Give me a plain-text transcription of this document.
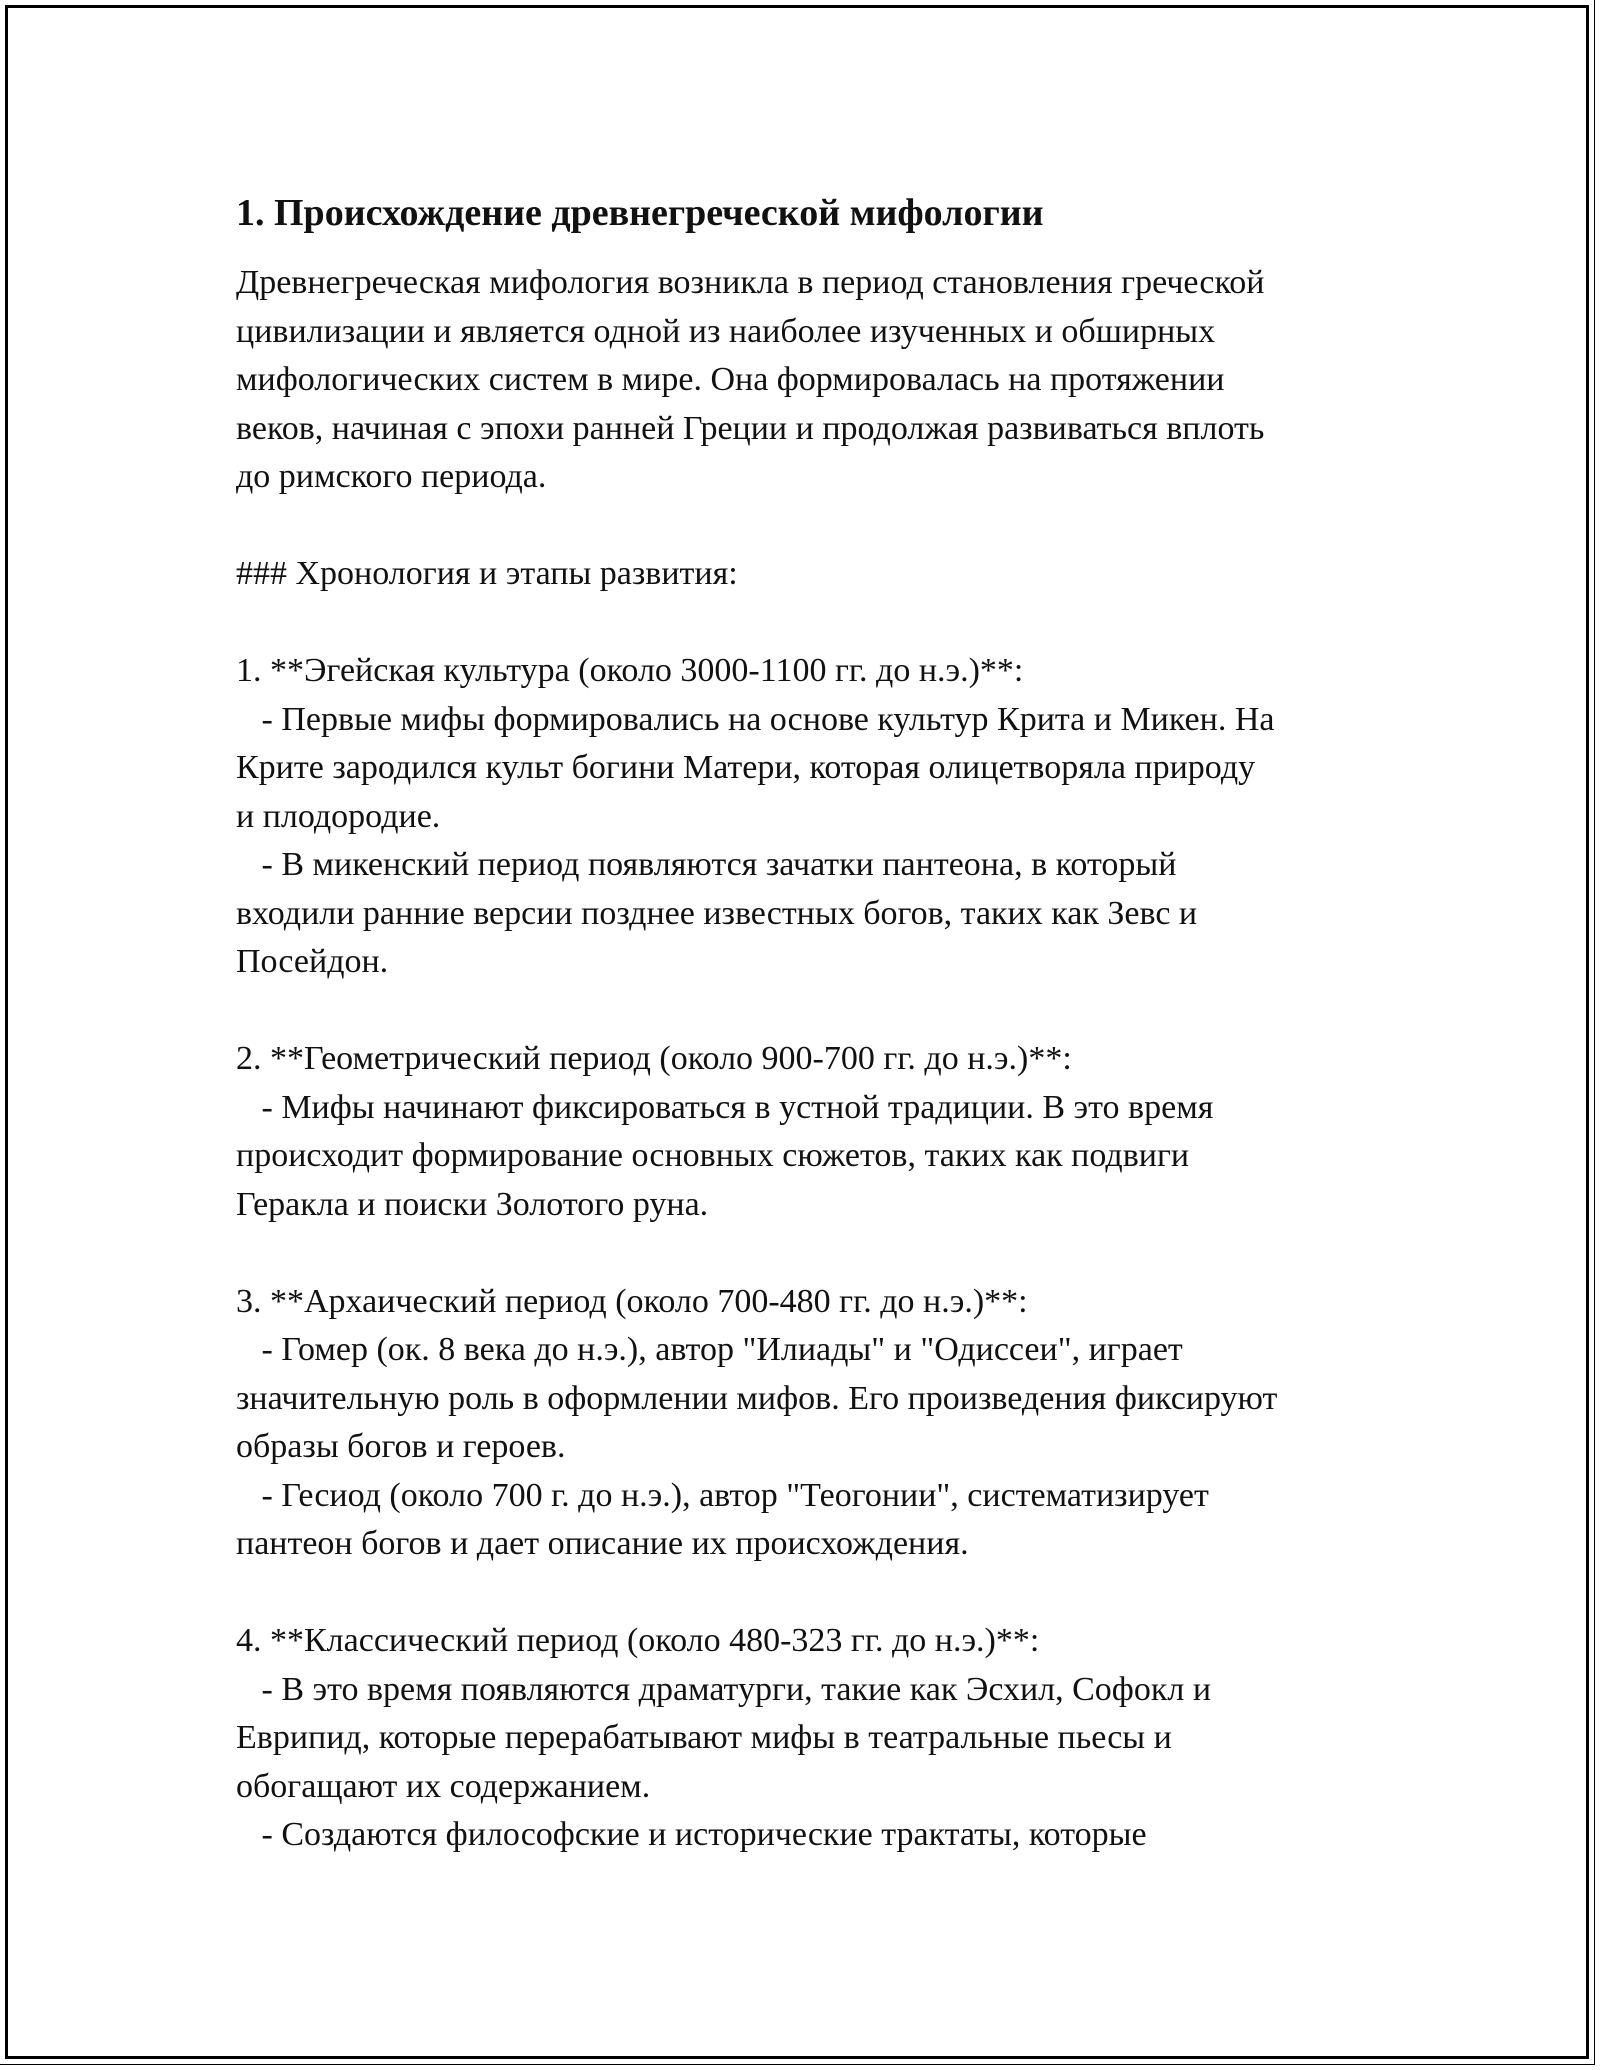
1. Происхождение древнегреческой мифологии
Древнегреческая мифология возникла в период становления греческой
цивилизации и является одной из наиболее изученных и обширных
мифологических систем в мире. Она формировалась на протяжении
веков, начиная с эпохи ранней Греции и продолжая развиваться вплоть
до римского периода.
### Хронология и этапы развития:
1. **Эгейская культура (около 3000-1100 гг. до н.э.)**:
- Первые мифы формировались на основе культур Крита и Микен. На
Крите зародился культ богини Матери, которая олицетворяла природу
и плодородие.
- В микенский период появляются зачатки пантеона, в который
входили ранние версии позднее известных богов, таких как Зевс и
Посейдон.
2. **Геометрический период (около 900-700 гг. до н.э.)**:
- Мифы начинают фиксироваться в устной традиции. В это время
происходит формирование основных сюжетов, таких как подвиги
Геракла и поиски Золотого руна.
3. **Архаический период (около 700-480 гг. до н.э.)**:
- Гомер (ок. 8 века до н.э.), автор "Илиады" и "Одиссеи", играет
значительную роль в оформлении мифов. Его произведения фиксируют
образы богов и героев.
- Гесиод (около 700 г. до н.э.), автор "Теогонии", систематизирует
пантеон богов и дает описание их происхождения.
4. **Классический период (около 480-323 гг. до н.э.)**:
- В это время появляются драматурги, такие как Эсхил, Софокл и
Еврипид, которые перерабатывают мифы в театральные пьесы и
обогащают их содержанием.
- Создаются философские и исторические трактаты, которые
